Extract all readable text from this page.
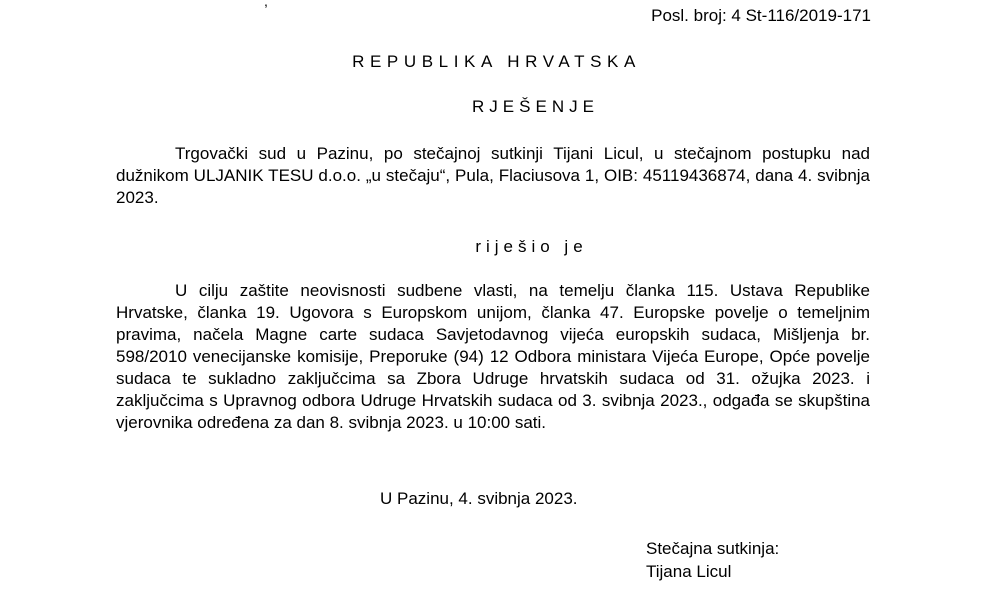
,
Posl. broj: 4 St-116/2019-171
REPUBLIKA HRVATSKA
RJEŠENJE

Trgovački sud u Pazinu, po stečajnoj sutkinji Tijani Licul, u stečajnom postupku nad dužnikom ULJANIK TESU d.o.o. „u stečaju“, Pula, Flaciusova 1, OIB: 45119436874, dana 4. svibnja 2023.

riješio je

U cilju zaštite neovisnosti sudbene vlasti, na temelju članka 115. Ustava Republike Hrvatske, članka 19. Ugovora s Europskom unijom, članka 47. Europske povelje o temeljnim pravima, načela Magne carte sudaca Savjetodavnog vijeća europskih sudaca, Mišljenja br. 598/2010 venecijanske komisije, Preporuke (94) 12 Odbora ministara Vijeća Europe, Opće povelje sudaca te sukladno zaključcima sa Zbora Udruge hrvatskih sudaca od 31. ožujka 2023. i zaključcima s Upravnog odbora Udruge Hrvatskih sudaca od 3. svibnja 2023., odgađa se skupština vjerovnika određena za dan 8. svibnja 2023. u 10:00 sati.

U Pazinu, 4. svibnja 2023.
Stečajna sutkinja:
Tijana Licul
